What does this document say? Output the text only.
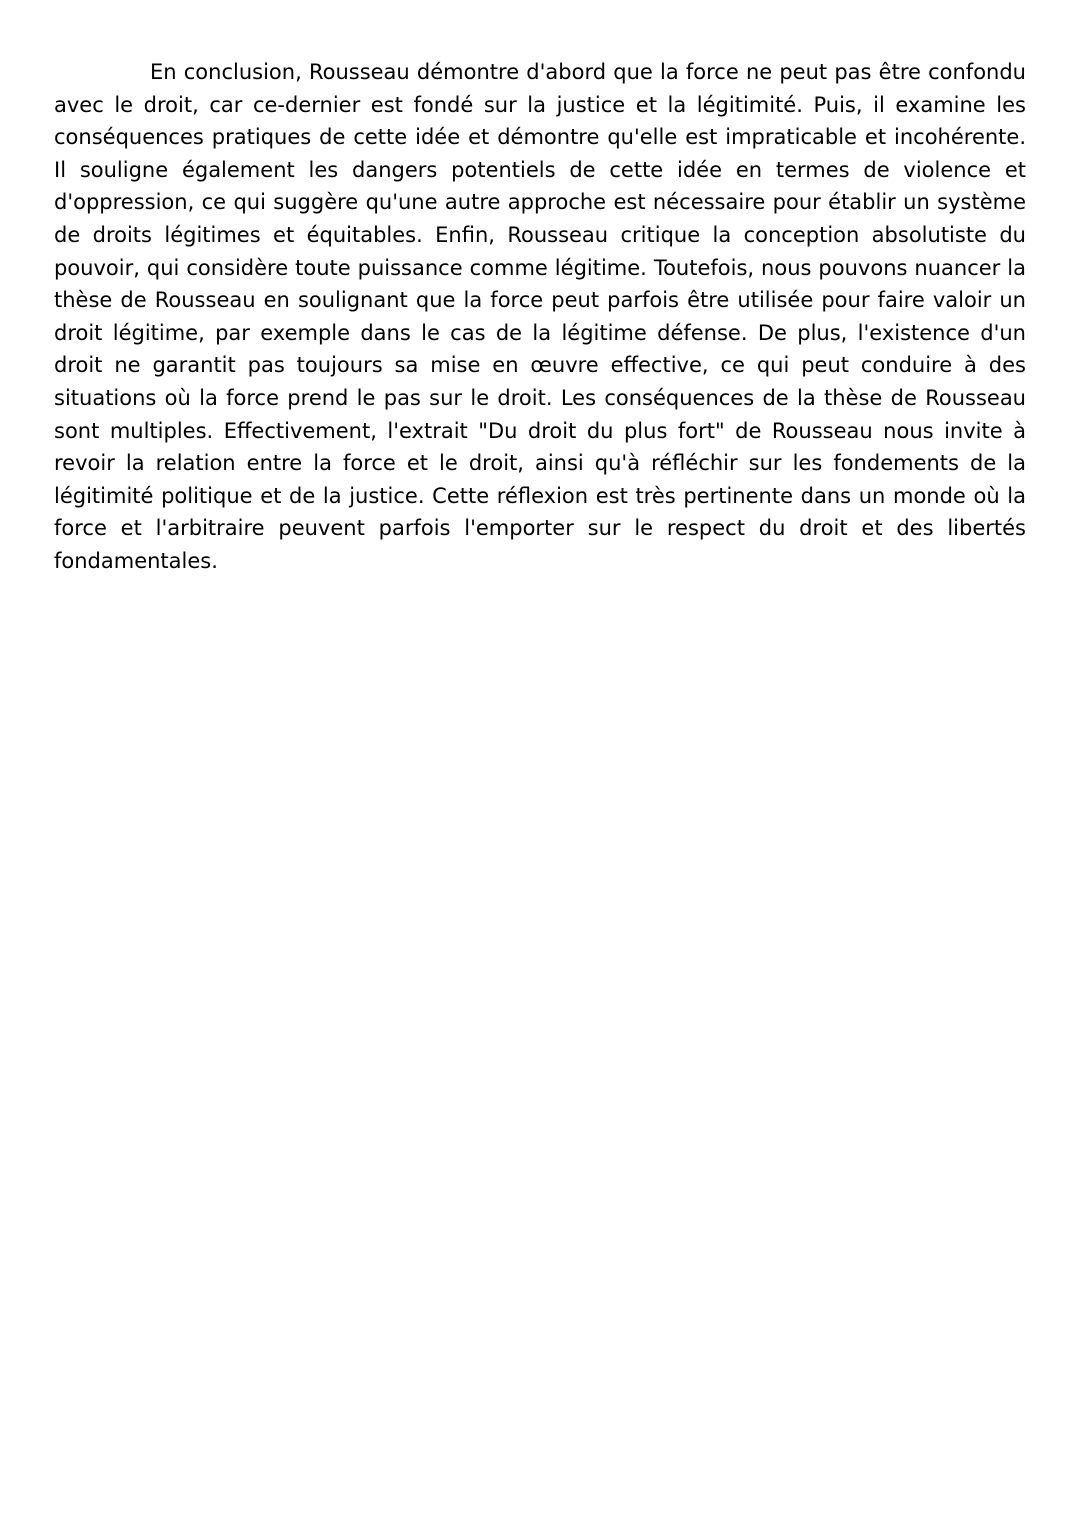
En conclusion, Rousseau démontre d'abord que la force ne peut pas être confondu avec le droit, car ce-dernier est fondé sur la justice et la légitimité. Puis, il examine les conséquences pratiques de cette idée et démontre qu'elle est impraticable et incohérente. Il souligne également les dangers potentiels de cette idée en termes de violence et d'oppression, ce qui suggère qu'une autre approche est nécessaire pour établir un système de droits légitimes et équitables. Enfin, Rousseau critique la conception absolutiste du pouvoir, qui considère toute puissance comme légitime. Toutefois, nous pouvons nuancer la thèse de Rousseau en soulignant que la force peut parfois être utilisée pour faire valoir un droit légitime, par exemple dans le cas de la légitime défense. De plus, l'existence d'un droit ne garantit pas toujours sa mise en œuvre effective, ce qui peut conduire à des situations où la force prend le pas sur le droit. Les conséquences de la thèse de Rousseau sont multiples. Effectivement, l'extrait "Du droit du plus fort" de Rousseau nous invite à revoir la relation entre la force et le droit, ainsi qu'à réfléchir sur les fondements de la légitimité politique et de la justice. Cette réflexion est très pertinente dans un monde où la force et l'arbitraire peuvent parfois l'emporter sur le respect du droit et des libertés fondamentales.
